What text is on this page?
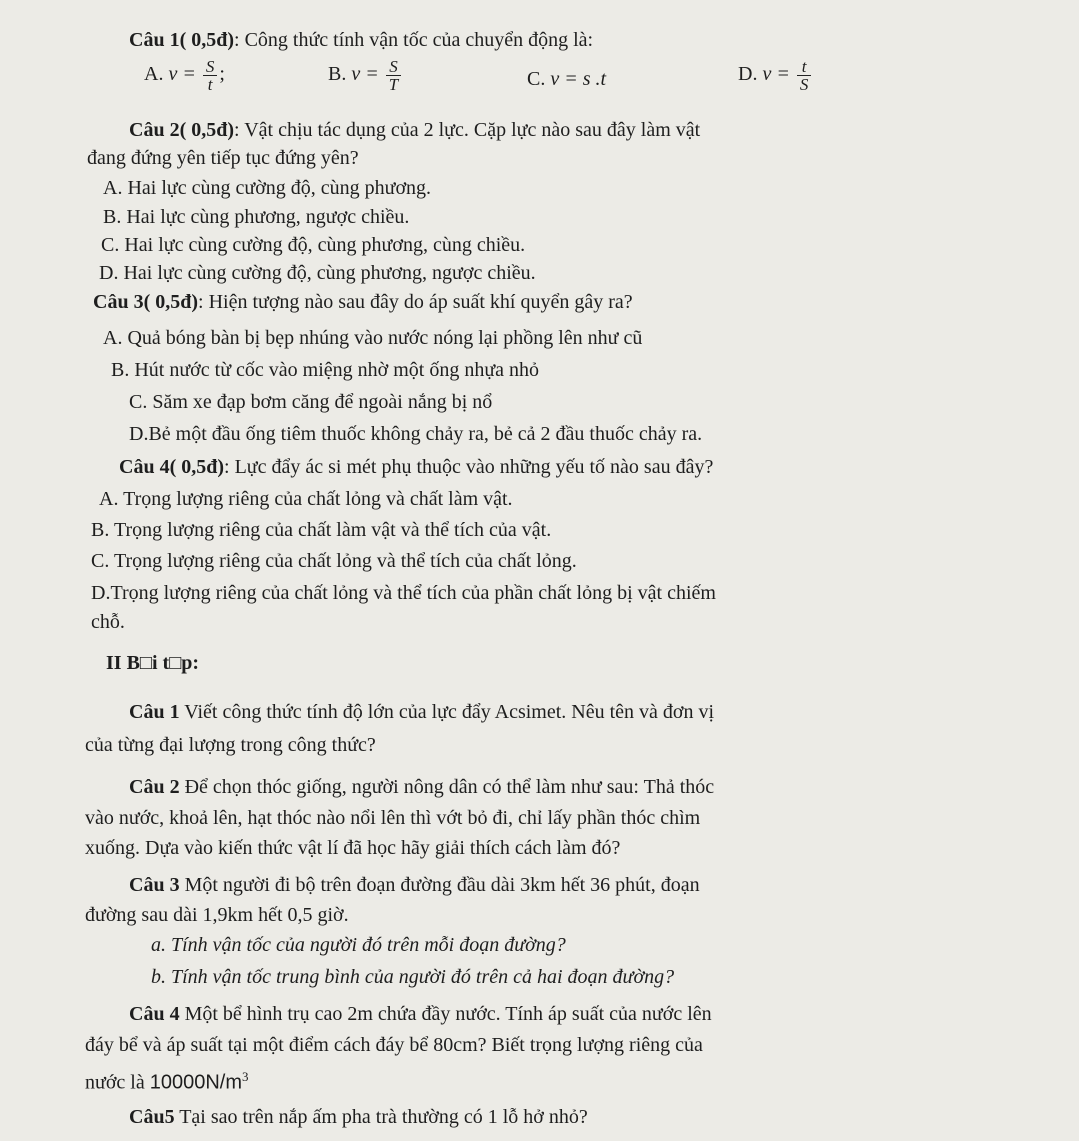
Câu 1( 0,5đ): Công thức tính vận tốc của chuyển động là:
A. $v = \frac{S}{t}$ ;	B. $v = \frac{S}{T}$	C. v = s .t	D. $v = \frac{t}{S}$
Câu 2( 0,5đ): Vật chịu tác dụng của 2 lực. Cặp lực nào sau đây làm vật
đang đứng yên tiếp tục đứng yên?
A. Hai lực cùng cường độ, cùng phương.
B. Hai lực cùng phương, ngược chiều.
C. Hai lực cùng cường độ, cùng phương, cùng chiều.
D. Hai lực cùng cường độ, cùng phương, ngược chiều.
Câu 3( 0,5đ): Hiện tượng nào sau đây do áp suất khí quyển gây ra?
A. Quả bóng bàn bị bẹp nhúng vào nước nóng lại phồng lên như cũ
B. Hút nước từ cốc vào miệng nhờ một ống nhựa nhỏ
C. Săm xe đạp bơm căng để ngoài nắng bị nổ
D.Bẻ một đầu ống tiêm thuốc không chảy ra, bẻ cả 2 đầu thuốc chảy ra.
Câu 4( 0,5đ): Lực đẩy ác si mét phụ thuộc vào những yếu tố nào sau đây?
A. Trọng lượng riêng của chất lỏng và chất làm vật.
B. Trọng lượng riêng của chất làm vật và thể tích của vật.
C. Trọng lượng riêng của chất lỏng và thể tích của chất lỏng.
D.Trọng lượng riêng của chất lỏng và thể tích của phần chất lỏng bị vật chiếm
chỗ.
II B□i t□p:
Câu 1 Viết công thức tính độ lớn của lực đẩy Acsimet. Nêu tên và đơn vị
của từng đại lượng trong công thức?
Câu 2 Để chọn thóc giống, người nông dân có thể làm như sau: Thả thóc
vào nước, khoả lên, hạt thóc nào nổi lên thì vớt bỏ đi, chỉ lấy phần thóc chìm
xuống. Dựa vào kiến thức vật lí đã học hãy giải thích cách làm đó?
Câu 3 Một người đi bộ trên đoạn đường đầu dài 3km hết 36 phút, đoạn
đường sau dài 1,9km hết 0,5 giờ.
a. Tính vận tốc của người đó trên mỗi đoạn đường?
b. Tính vận tốc trung bình của người đó trên cả hai đoạn đường?
Câu 4 Một bể hình trụ cao 2m chứa đầy nước. Tính áp suất của nước lên
đáy bể và áp suất tại một điểm cách đáy bể 80cm? Biết trọng lượng riêng của
nước là $10000N/m^3$
Câu5 Tại sao trên nắp ấm pha trà thường có 1 lỗ hở nhỏ?
